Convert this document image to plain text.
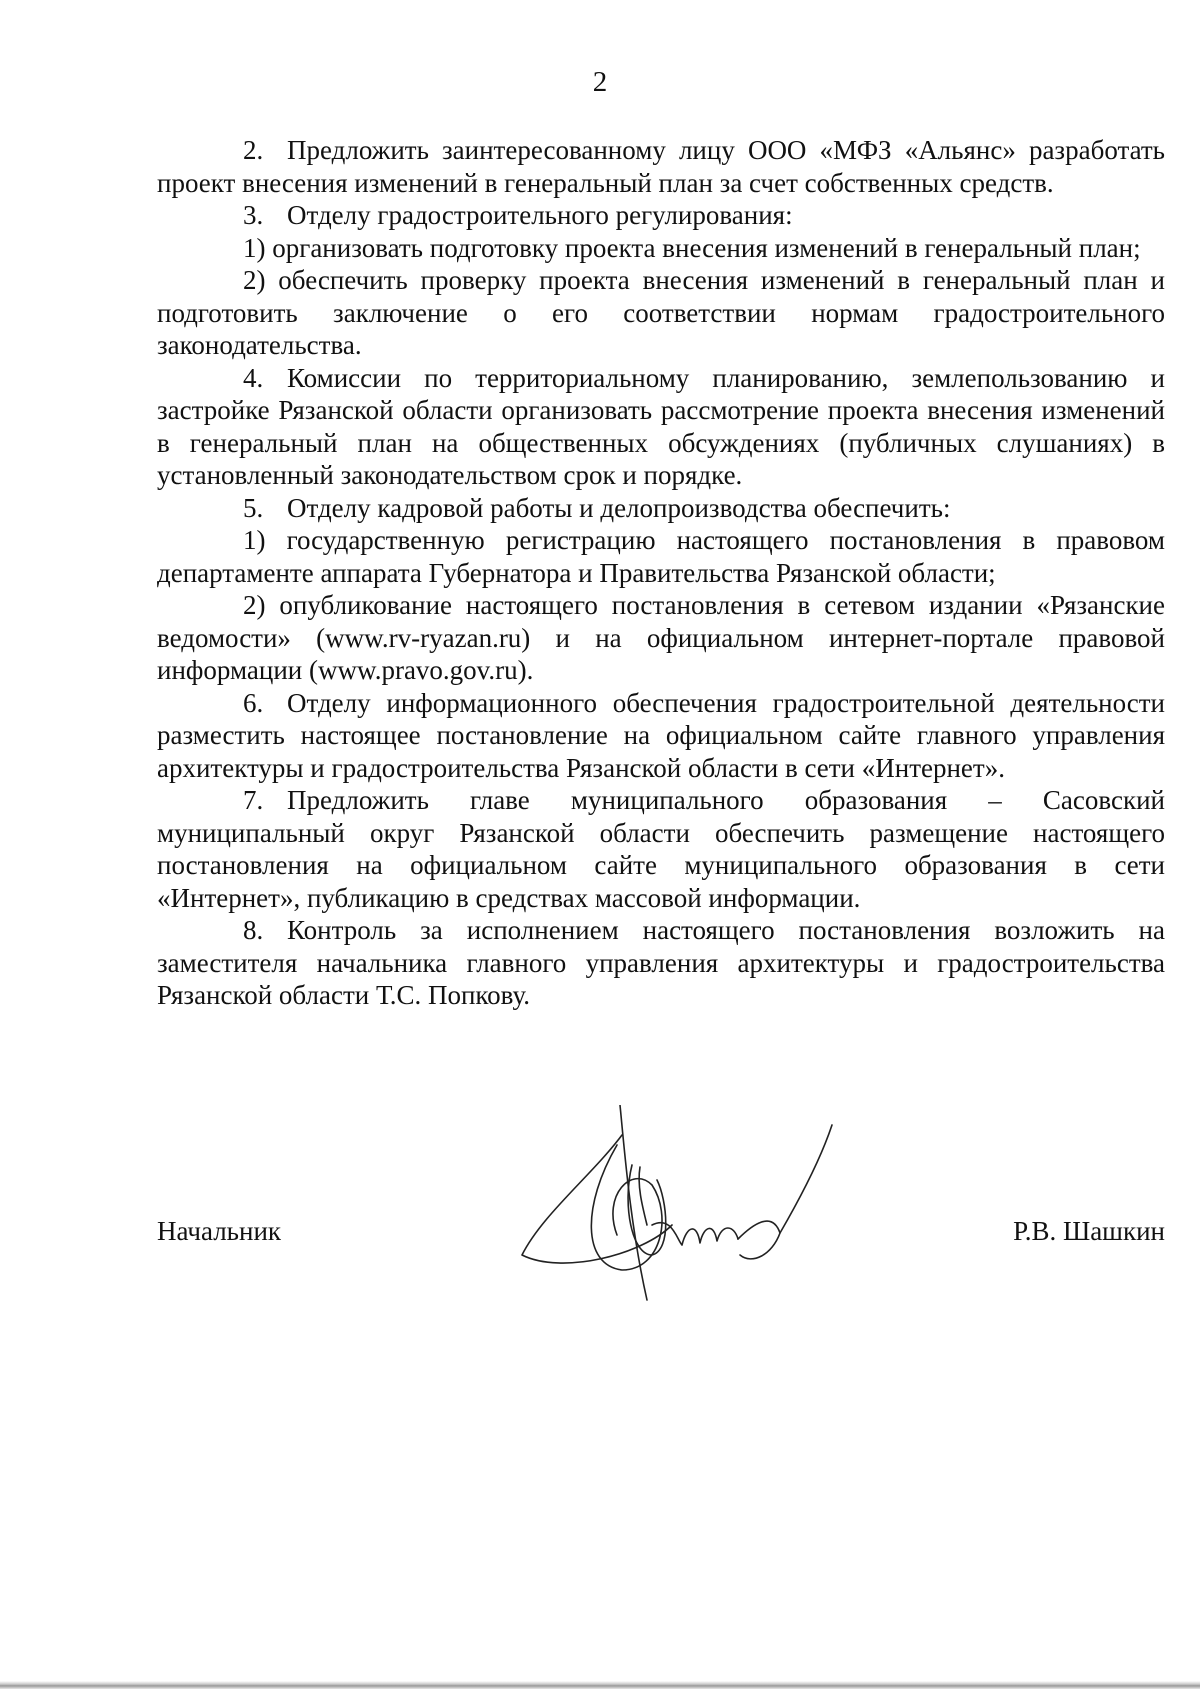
2

2. Предложить заинтересованному лицу ООО «МФЗ «Альянс» разработать проект внесения изменений в генеральный план за счет собственных средств.

3. Отделу градостроительного регулирования:

1) организовать подготовку проекта внесения изменений в генеральный план;

2) обеспечить проверку проекта внесения изменений в генеральный план и подготовить заключение о его соответствии нормам градостроительного законодательства.

4. Комиссии по территориальному планированию, землепользованию и застройке Рязанской области организовать рассмотрение проекта внесения изменений в генеральный план на общественных обсуждениях (публичных слушаниях) в установленный законодательством срок и порядке.

5. Отделу кадровой работы и делопроизводства обеспечить:

1) государственную регистрацию настоящего постановления в правовом департаменте аппарата Губернатора и Правительства Рязанской области;

2) опубликование настоящего постановления в сетевом издании «Рязанские ведомости» (www.rv-ryazan.ru) и на официальном интернет-портале правовой информации (www.pravo.gov.ru).

6. Отделу информационного обеспечения градостроительной деятельности разместить настоящее постановление на официальном сайте главного управления архитектуры и градостроительства Рязанской области в сети «Интернет».

7. Предложить главе муниципального образования – Сасовский муниципальный округ Рязанской области обеспечить размещение настоящего постановления на официальном сайте муниципального образования в сети «Интернет», публикацию в средствах массовой информации.

8. Контроль за исполнением настоящего постановления возложить на заместителя начальника главного управления архитектуры и градостроительства Рязанской области Т.С. Попкову.

Начальник	Р.В. Шашкин
